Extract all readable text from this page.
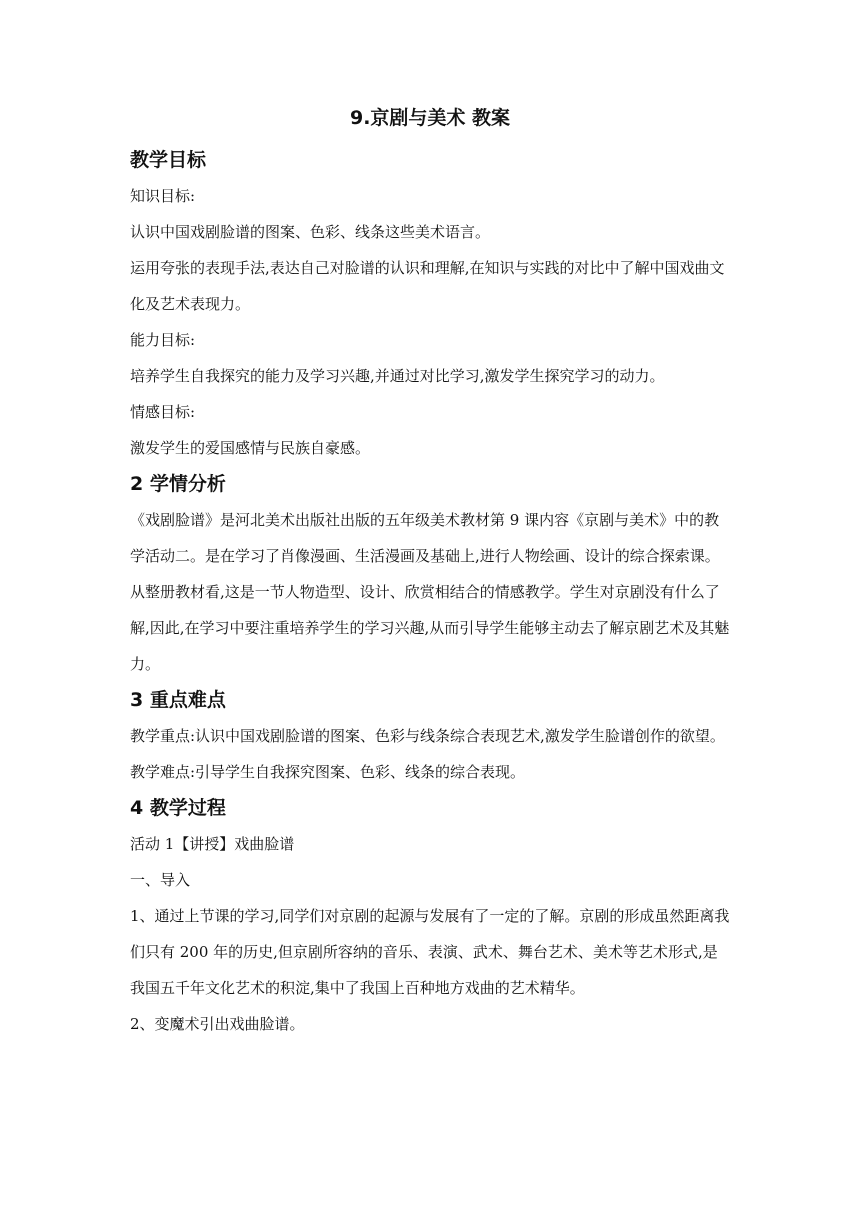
9.京剧与美术 教案
教学目标

知识目标:

认识中国戏剧脸谱的图案、色彩、线条这些美术语言。

运用夸张的表现手法,表达自己对脸谱的认识和理解,在知识与实践的对比中了解中国戏曲文化及艺术表现力。

能力目标:

培养学生自我探究的能力及学习兴趣,并通过对比学习,激发学生探究学习的动力。

情感目标:

激发学生的爱国感情与民族自豪感。

2 学情分析

《戏剧脸谱》是河北美术出版社出版的五年级美术教材第 9 课内容《京剧与美术》中的教学活动二。是在学习了肖像漫画、生活漫画及基础上,进行人物绘画、设计的综合探索课。从整册教材看,这是一节人物造型、设计、欣赏相结合的情感教学。学生对京剧没有什么了解,因此,在学习中要注重培养学生的学习兴趣,从而引导学生能够主动去了解京剧艺术及其魅力。

3 重点难点

教学重点:认识中国戏剧脸谱的图案、色彩与线条综合表现艺术,激发学生脸谱创作的欲望。

教学难点:引导学生自我探究图案、色彩、线条的综合表现。

4 教学过程

活动 1【讲授】戏曲脸谱

一、导入

1、通过上节课的学习,同学们对京剧的起源与发展有了一定的了解。京剧的形成虽然距离我们只有 200 年的历史,但京剧所容纳的音乐、表演、武术、舞台艺术、美术等艺术形式,是我国五千年文化艺术的积淀,集中了我国上百种地方戏曲的艺术精华。

2、变魔术引出戏曲脸谱。
